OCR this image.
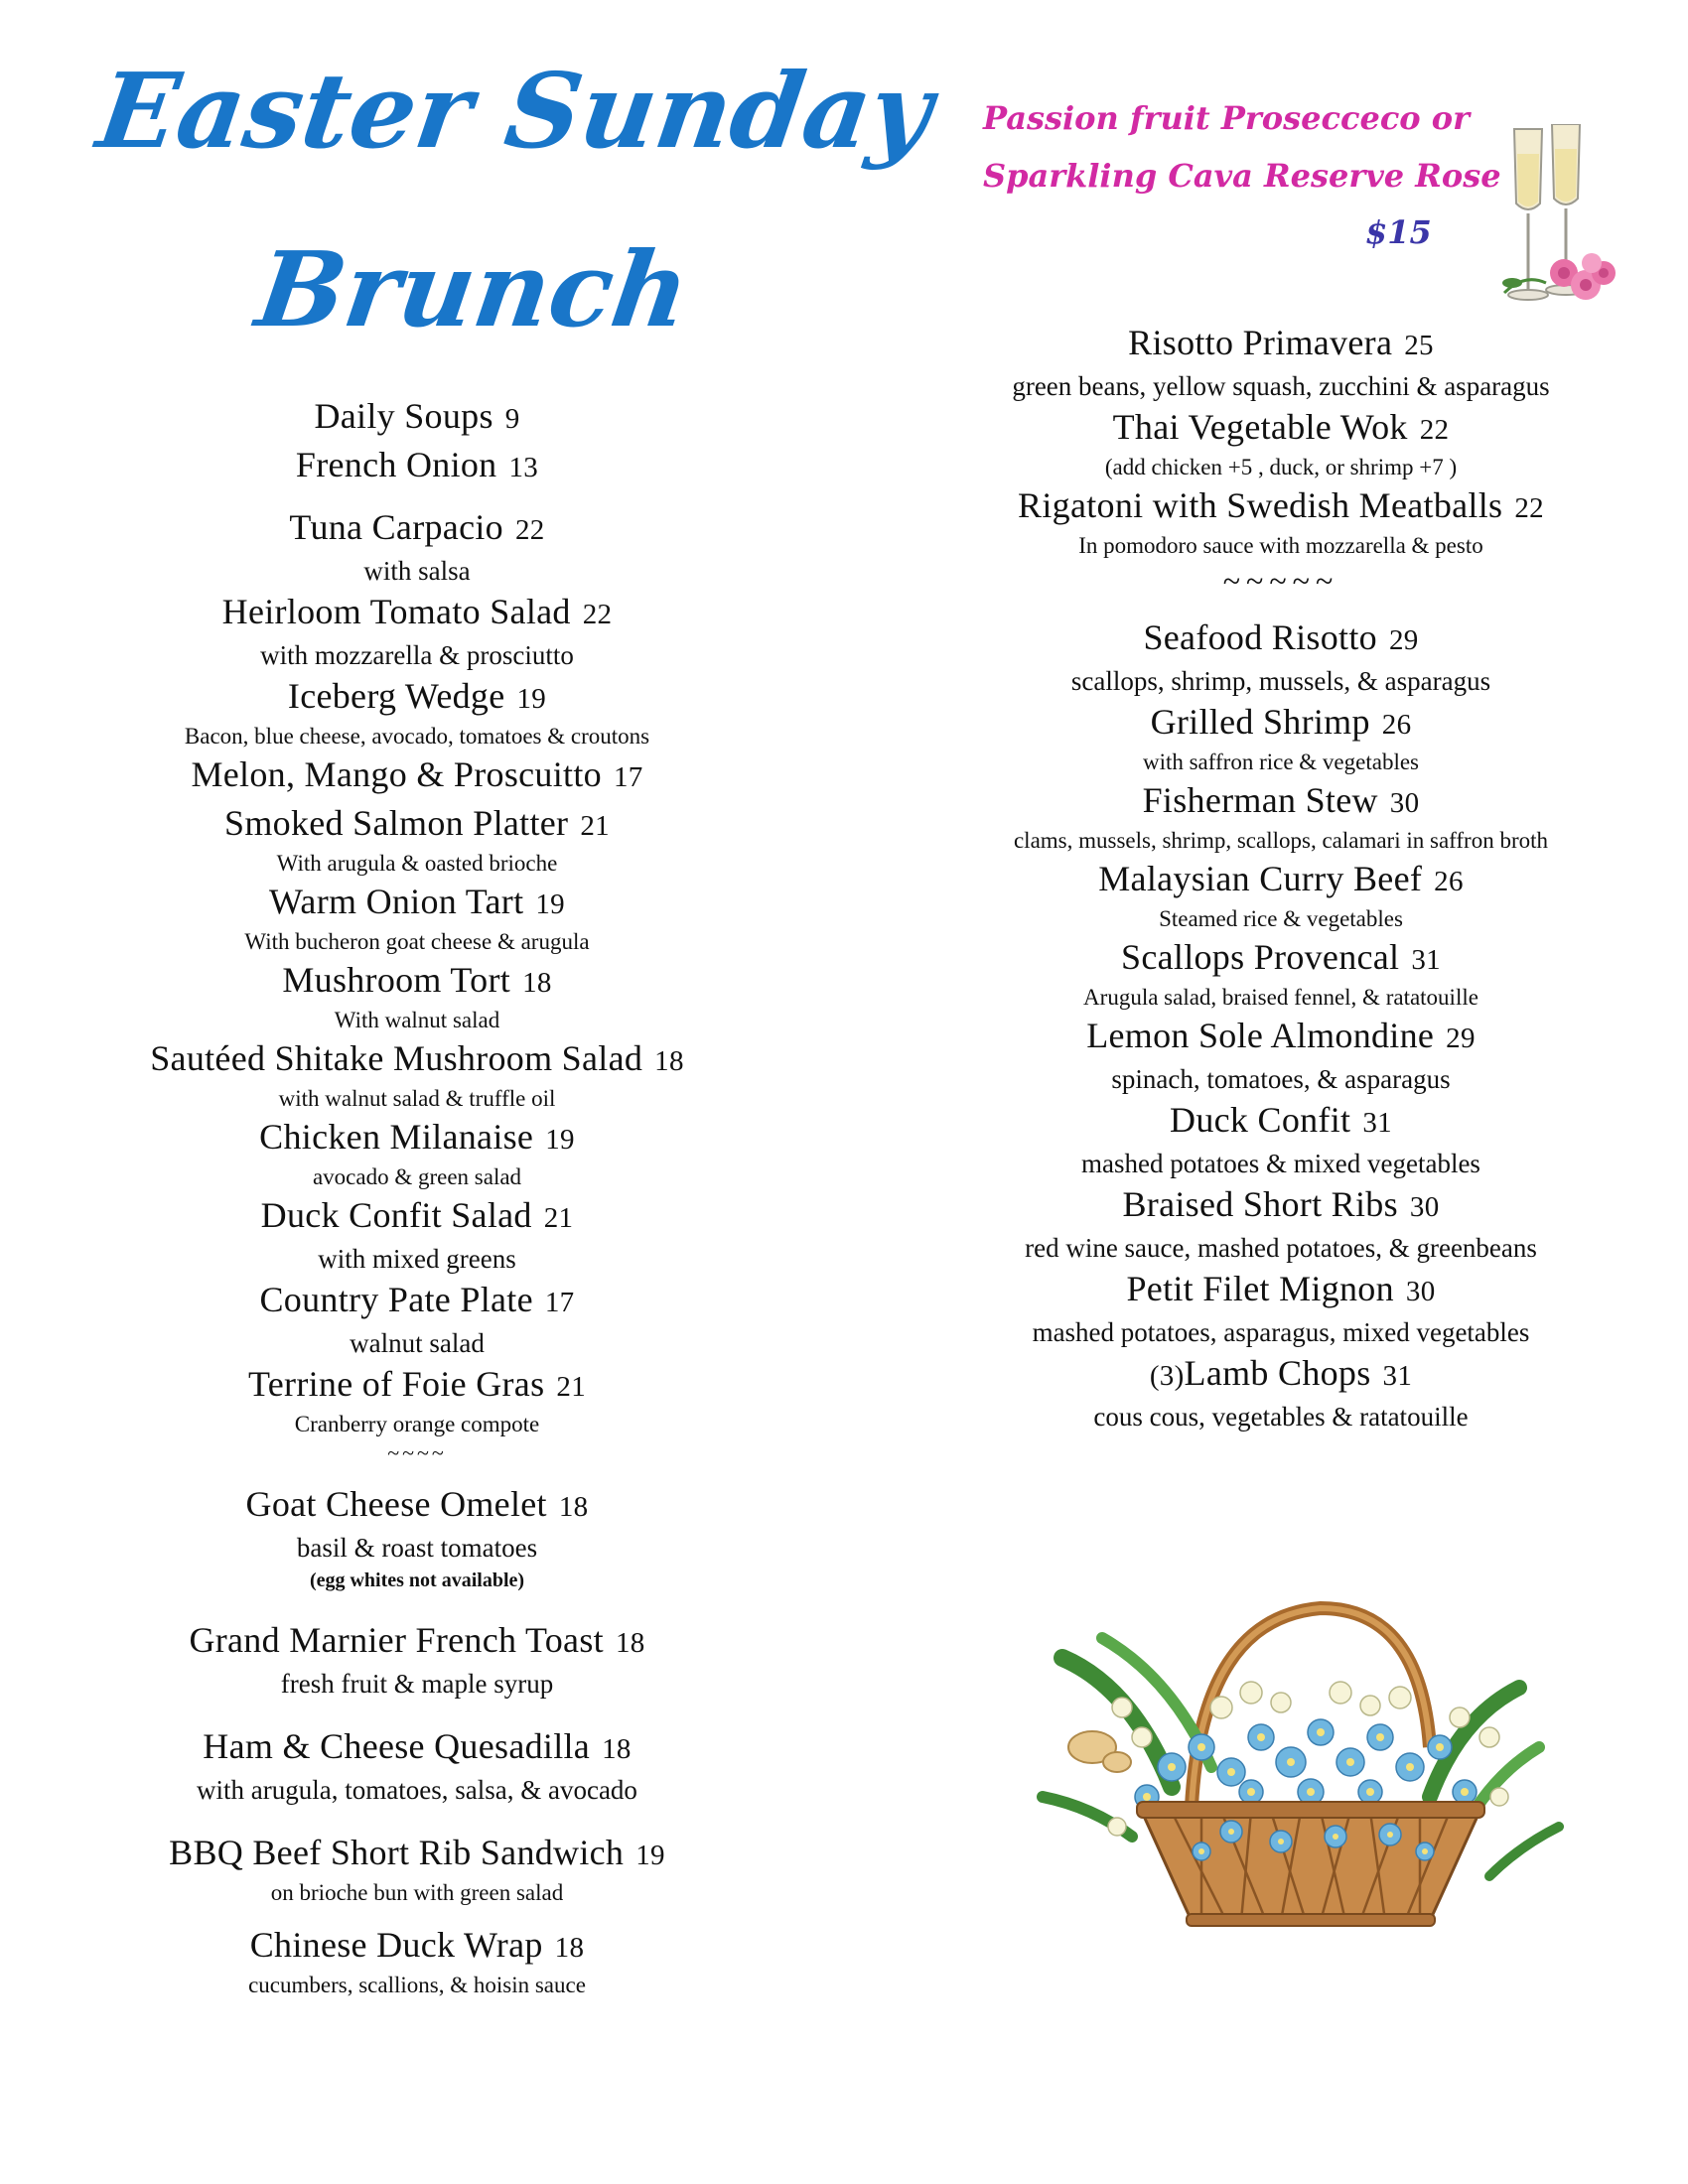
Easter Sunday
Brunch
Passion fruit Prosecceco or
Sparkling Cava Reserve Rose
$15
Daily Soups 9
French Onion 13
Tuna Carpacio 22
with salsa
Heirloom Tomato Salad 22
with mozzarella & prosciutto
Iceberg Wedge 19
Bacon, blue cheese, avocado, tomatoes & croutons
Melon, Mango & Proscuitto 17
Smoked Salmon Platter 21
With arugula & oasted brioche
Warm Onion Tart 19
With bucheron goat cheese & arugula
Mushroom Tort 18
With walnut salad
Sautéed Shitake Mushroom Salad 18
with walnut salad & truffle oil
Chicken Milanaise 19
avocado & green salad
Duck Confit Salad 21
with mixed greens
Country Pate Plate 17
walnut salad
Terrine of Foie Gras 21
Cranberry orange compote
~~~~
Goat Cheese Omelet 18
basil & roast tomatoes
(egg whites not available)
Grand Marnier French Toast 18
fresh fruit & maple syrup
Ham & Cheese Quesadilla 18
with arugula, tomatoes, salsa, & avocado
BBQ Beef Short Rib Sandwich 19
on brioche bun with green salad
Chinese Duck Wrap 18
cucumbers, scallions, & hoisin sauce
Risotto Primavera 25
green beans, yellow squash, zucchini & asparagus
Thai Vegetable Wok 22
(add chicken +5 , duck, or shrimp +7 )
Rigatoni with Swedish Meatballs 22
In pomodoro sauce with mozzarella & pesto
~~~~~
Seafood Risotto 29
scallops, shrimp, mussels, & asparagus
Grilled Shrimp 26
with saffron rice & vegetables
Fisherman Stew 30
clams, mussels, shrimp, scallops, calamari in saffron broth
Malaysian Curry Beef 26
Steamed rice & vegetables
Scallops Provencal 31
Arugula salad, braised fennel, & ratatouille
Lemon Sole Almondine 29
spinach, tomatoes, & asparagus
Duck Confit 31
mashed potatoes & mixed vegetables
Braised Short Ribs 30
red wine sauce, mashed potatoes, & greenbeans
Petit Filet Mignon 30
mashed potatoes, asparagus, mixed vegetables
(3)Lamb Chops 31
cous cous, vegetables & ratatouille
